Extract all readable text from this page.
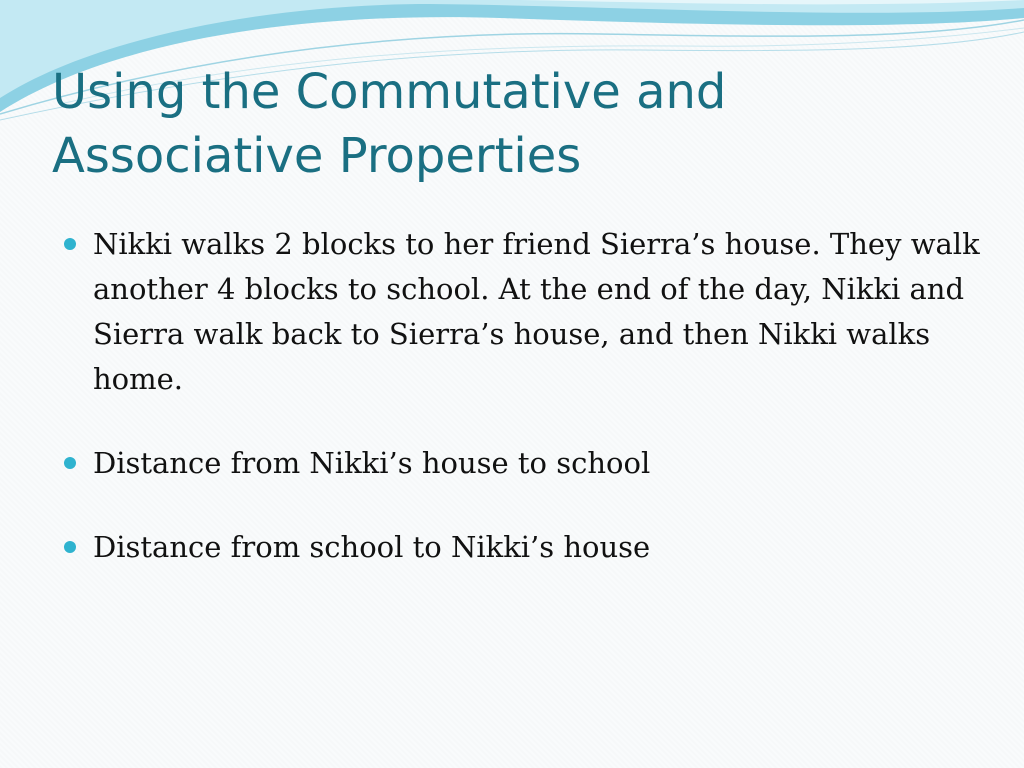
Using the Commutative and
Associative Properties
Nikki walks 2 blocks to her friend Sierra’s house. They walk another 4 blocks to school. At the end of the day, Nikki and Sierra walk back to Sierra’s house, and then Nikki walks home.
Distance from Nikki’s house to school
Distance from school to Nikki’s house
